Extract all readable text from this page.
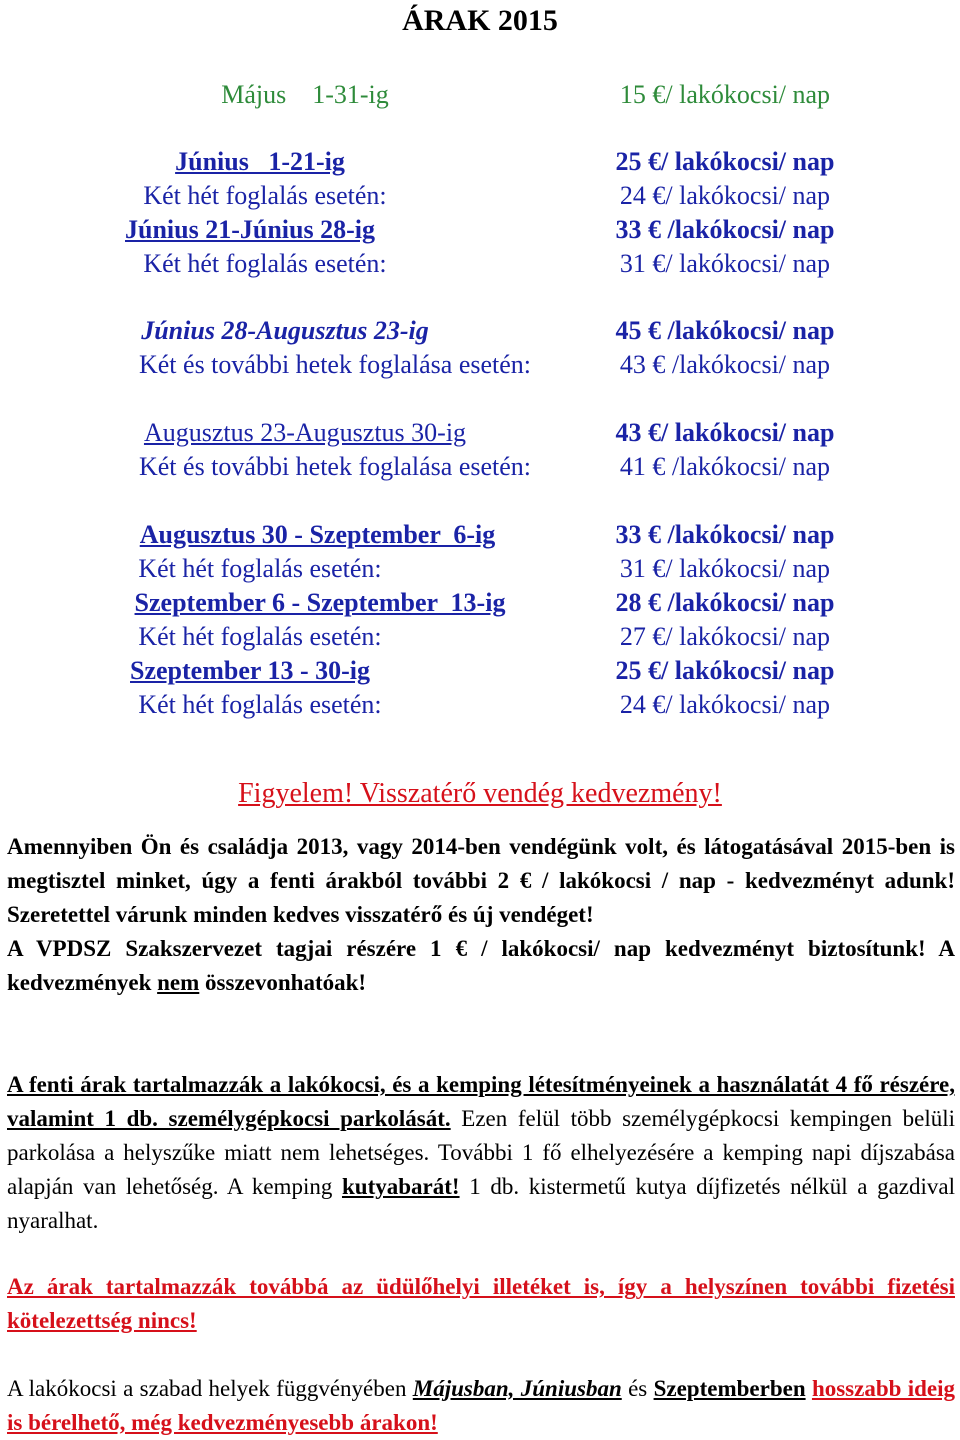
ÁRAK 2015
Május    1-31-ig	15 €/ lakókocsi/ nap
Június   1-21-ig	25 €/ lakókocsi/ nap
Két hét foglalás esetén:	24 €/ lakókocsi/ nap
Június 21-Június 28-ig	33 € /lakókocsi/ nap
Két hét foglalás esetén:	31 €/ lakókocsi/ nap
Június 28-Augusztus 23-ig	45 € /lakókocsi/ nap
Két és további hetek foglalása esetén:	43 € /lakókocsi/ nap
Augusztus 23-Augusztus 30-ig	43 €/ lakókocsi/ nap
Két és további hetek foglalása esetén:	41 € /lakókocsi/ nap
Augusztus 30 - Szeptember  6-ig	33 € /lakókocsi/ nap
Két hét foglalás esetén:	31 €/ lakókocsi/ nap
Szeptember 6 - Szeptember  13-ig	28 € /lakókocsi/ nap
Két hét foglalás esetén:	27 €/ lakókocsi/ nap
Szeptember 13 - 30-ig	25 €/ lakókocsi/ nap
Két hét foglalás esetén:	24 €/ lakókocsi/ nap
Figyelem! Visszatérő vendég kedvezmény!
Amennyiben Ön és családja 2013, vagy 2014-ben vendégünk volt, és látogatásával 2015-ben is megtisztel minket, úgy a fenti árakból további 2 € / lakókocsi / nap - kedvezményt adunk! Szeretettel várunk minden kedves visszatérő és új vendéget!
A VPDSZ Szakszervezet tagjai részére 1 € / lakókocsi/ nap kedvezményt biztosítunk! A kedvezmények nem összevonhatóak!
A fenti árak tartalmazzák a lakókocsi, és a kemping létesítményeinek a használatát 4 fő részére, valamint 1 db. személygépkocsi parkolását. Ezen felül több személygépkocsi kempingen belüli parkolása a helyszűke miatt nem lehetséges. További 1 fő elhelyezésére a kemping napi díjszabása alapján van lehetőség. A kemping kutyabarát! 1 db. kistermetű kutya díjfizetés nélkül a gazdival nyaralhat.
Az árak tartalmazzák továbbá az üdülőhelyi illetéket is, így a helyszínen további fizetési kötelezettség nincs!
A lakókocsi a szabad helyek függvényében Májusban, Júniusban és Szeptemberben hosszabb ideig is bérelhető, még kedvezményesebb árakon!
